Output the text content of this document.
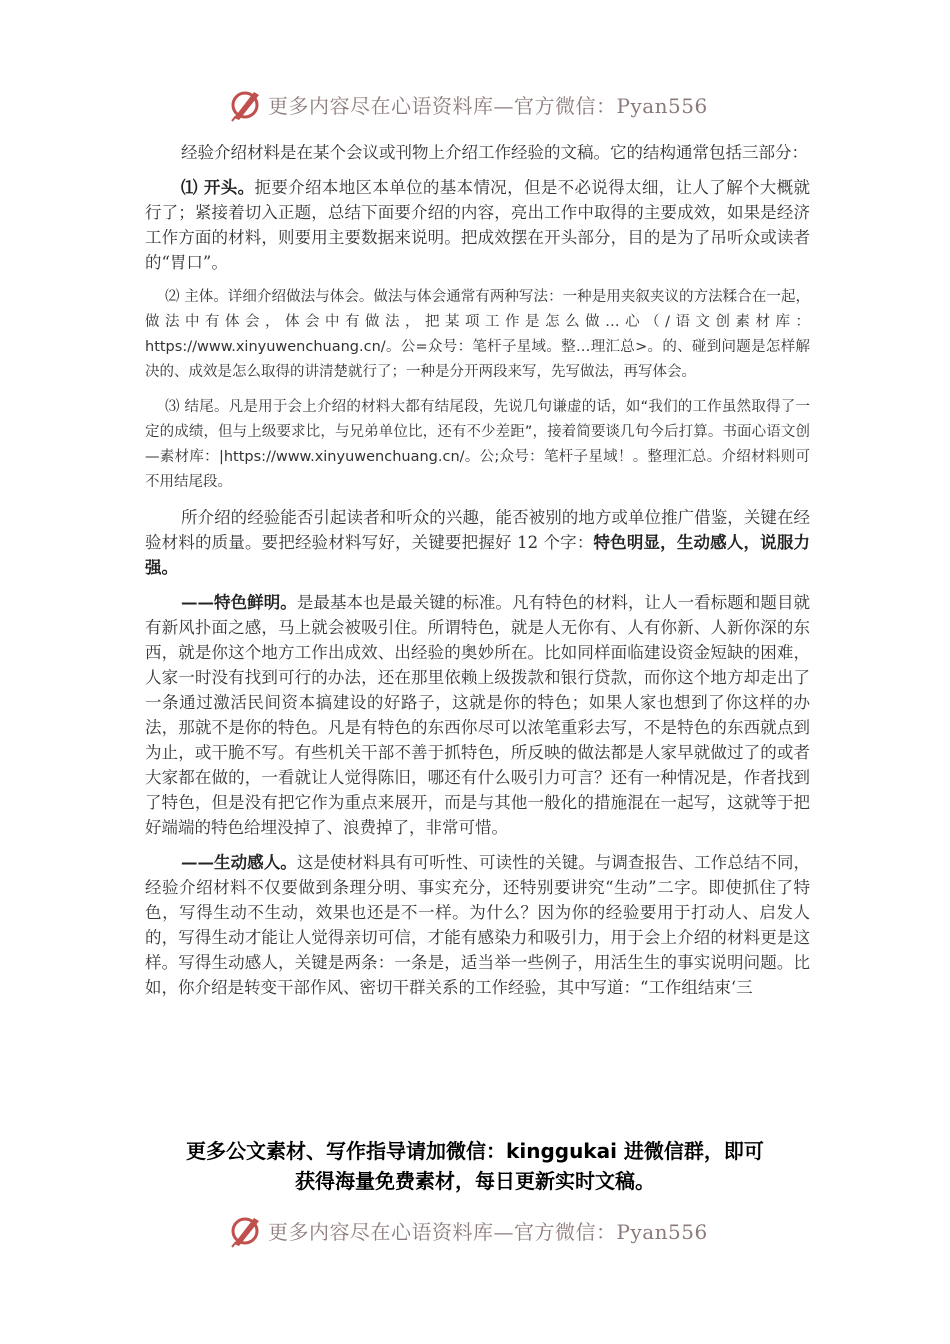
更多内容尽在心语资料库—官方微信：Pyan556

经验介绍材料是在某个会议或刊物上介绍工作经验的文稿。它的结构通常包括三部分：

⑴ 开头。扼要介绍本地区本单位的基本情况，但是不必说得太细，让人了解个大概就行了；紧接着切入正题，总结下面要介绍的内容，亮出工作中取得的主要成效，如果是经济工作方面的材料，则要用主要数据来说明。把成效摆在开头部分，目的是为了吊听众或读者的“胃口”。

⑵ 主体。详细介绍做法与体会。做法与体会通常有两种写法：一种是用夹叙夹议的方法糅合在一起，做法中有体会，体会中有做法，把某项工作是怎么做…心（/语文创素材库：https://www.xinyuwenchuang.cn/。公=众号：笔杆子星域。整…理汇总>。的、碰到问题是怎样解决的、成效是怎么取得的讲清楚就行了；一种是分开两段来写，先写做法，再写体会。

⑶ 结尾。凡是用于会上介绍的材料大都有结尾段，先说几句谦虚的话，如“我们的工作虽然取得了一定的成绩，但与上级要求比，与兄弟单位比，还有不少差距”，接着简要谈几句今后打算。书面心语文创—素材库：|https://www.xinyuwenchuang.cn/。公;众号：笔杆子星域！。整理汇总。介绍材料则可不用结尾段。

所介绍的经验能否引起读者和听众的兴趣，能否被别的地方或单位推广借鉴，关键在经验材料的质量。要把经验材料写好，关键要把握好 12 个字：特色明显，生动感人，说服力强。

——特色鲜明。是最基本也是最关键的标准。凡有特色的材料，让人一看标题和题目就有新风扑面之感，马上就会被吸引住。所谓特色，就是人无你有、人有你新、人新你深的东西，就是你这个地方工作出成效、出经验的奥妙所在。比如同样面临建设资金短缺的困难，人家一时没有找到可行的办法，还在那里依赖上级拨款和银行贷款，而你这个地方却走出了一条通过激活民间资本搞建设的好路子，这就是你的特色；如果人家也想到了你这样的办法，那就不是你的特色。凡是有特色的东西你尽可以浓笔重彩去写，不是特色的东西就点到为止，或干脆不写。有些机关干部不善于抓特色，所反映的做法都是人家早就做过了的或者大家都在做的，一看就让人觉得陈旧，哪还有什么吸引力可言？还有一种情况是，作者找到了特色，但是没有把它作为重点来展开，而是与其他一般化的措施混在一起写，这就等于把好端端的特色给埋没掉了、浪费掉了，非常可惜。

——生动感人。这是使材料具有可听性、可读性的关键。与调查报告、工作总结不同，经验介绍材料不仅要做到条理分明、事实充分，还特别要讲究“生动”二字。即使抓住了特色，写得生动不生动，效果也还是不一样。为什么？因为你的经验要用于打动人、启发人的，写得生动才能让人觉得亲切可信，才能有感染力和吸引力，用于会上介绍的材料更是这样。写得生动感人，关键是两条：一条是，适当举一些例子，用活生生的事实说明问题。比如，你介绍是转变干部作风、密切干群关系的工作经验，其中写道：“工作组结束‘三

更多公文素材、写作指导请加微信：kinggukai 进微信群，即可
获得海量免费素材，每日更新实时文稿。
更多内容尽在心语资料库—官方微信：Pyan556
